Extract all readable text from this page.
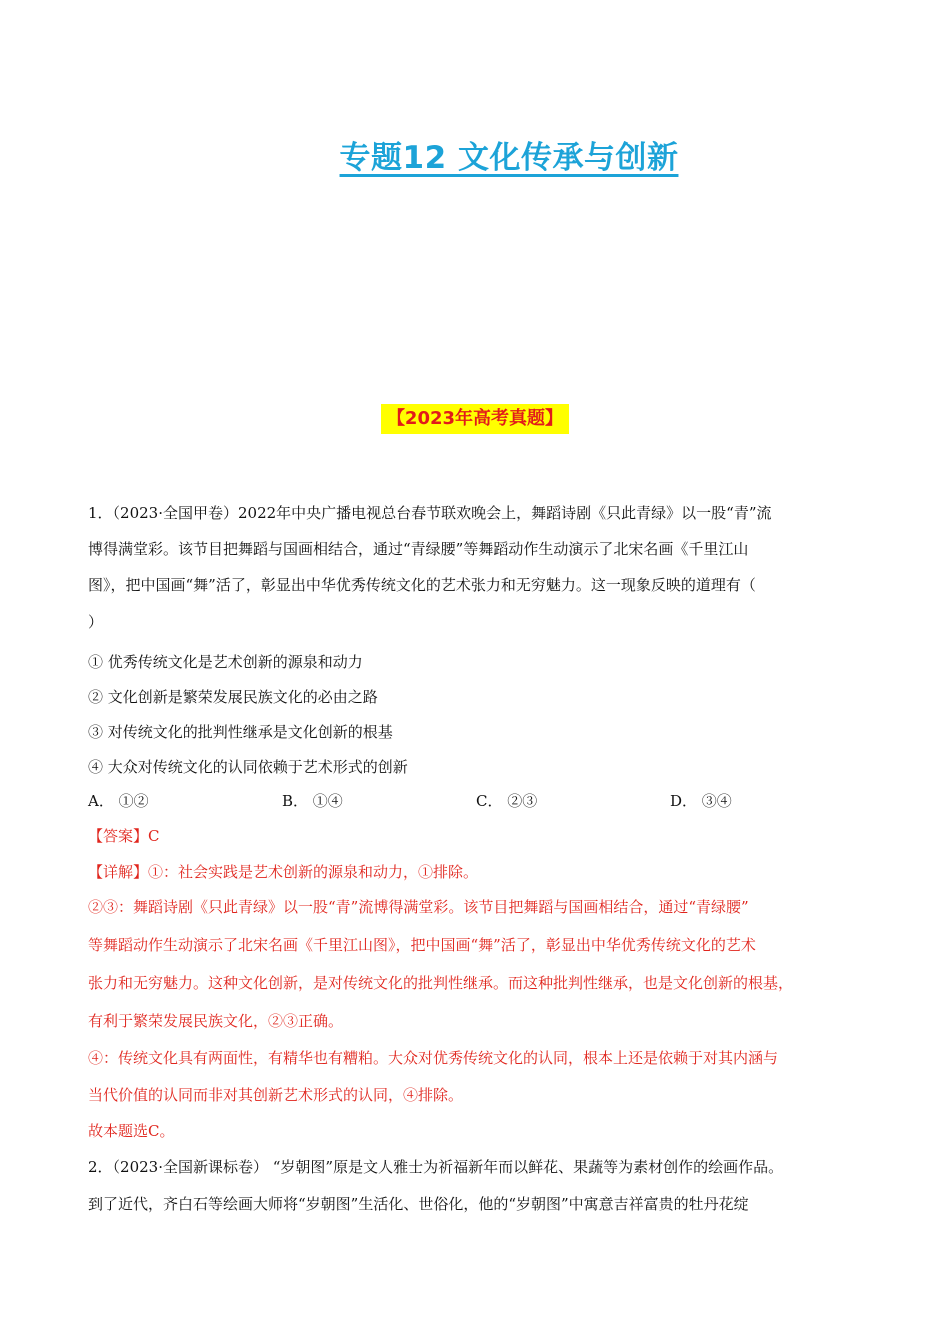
专题12 文化传承与创新
【2023年高考真题】
1．（2023·全国甲卷）2022年中央广播电视总台春节联欢晚会上，舞蹈诗剧《只此青绿》以一股“青”流
博得满堂彩。该节目把舞蹈与国画相结合，通过“青绿腰”等舞蹈动作生动演示了北宋名画《千里江山
图》，把中国画“舞”活了，彰显出中华优秀传统文化的艺术张力和无穷魅力。这一现象反映的道理有（
）
① 优秀传统文化是艺术创新的源泉和动力
② 文化创新是繁荣发展民族文化的必由之路
③ 对传统文化的批判性继承是文化创新的根基
④ 大众对传统文化的认同依赖于艺术形式的创新
A． ①②	B． ①④	C． ②③	D． ③④
【答案】C
【详解】①：社会实践是艺术创新的源泉和动力，①排除。
②③：舞蹈诗剧《只此青绿》以一股“青”流博得满堂彩。该节目把舞蹈与国画相结合，通过“青绿腰”
等舞蹈动作生动演示了北宋名画《千里江山图》，把中国画“舞”活了，彰显出中华优秀传统文化的艺术
张力和无穷魅力。这种文化创新，是对传统文化的批判性继承。而这种批判性继承，也是文化创新的根基，
有利于繁荣发展民族文化，②③正确。
④：传统文化具有两面性，有精华也有糟粕。大众对优秀传统文化的认同，根本上还是依赖于对其内涵与
当代价值的认同而非对其创新艺术形式的认同，④排除。
故本题选C。
2．（2023·全国新课标卷） “岁朝图”原是文人雅士为祈福新年而以鲜花、果蔬等为素材创作的绘画作品。
到了近代，齐白石等绘画大师将“岁朝图”生活化、世俗化，他的“岁朝图”中寓意吉祥富贵的牡丹花绽
